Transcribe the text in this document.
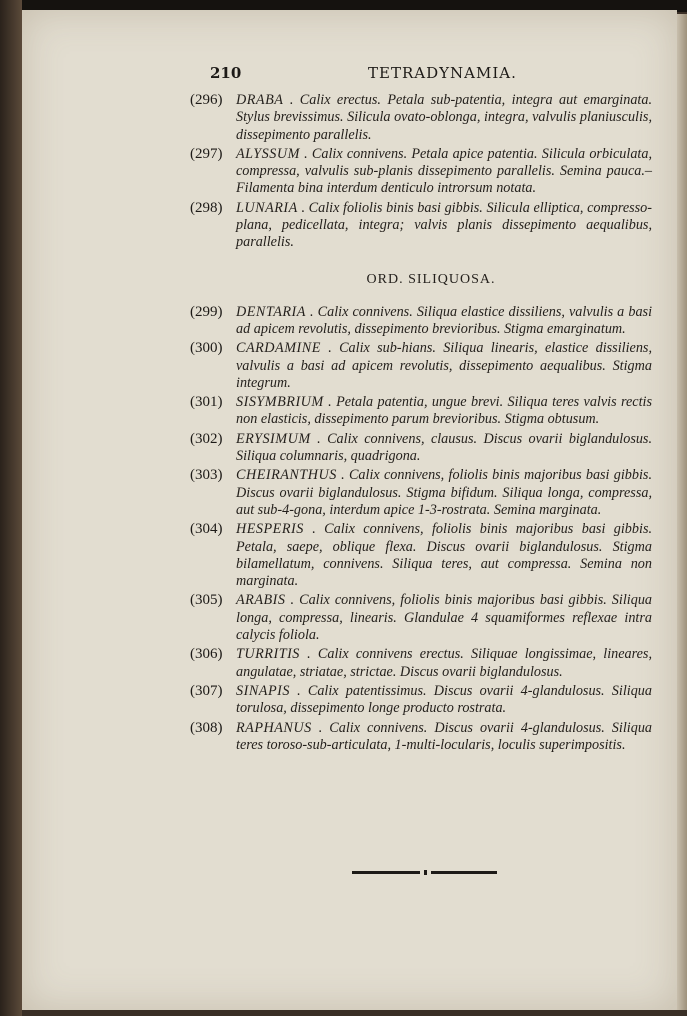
210	TETRADYNAMIA.
(296) DRABA . Calix erectus. Petala sub-patentia, integra aut emarginata. Stylus brevissimus. Silicula ovato-oblonga, integra, valvulis planiusculis, dissepimento parallelis.
(297) ALYSSUM . Calix connivens. Petala apice patentia. Silicula orbiculata, compressa, valvulis sub-planis dissepimento parallelis. Semina pauca.–Filamenta bina interdum denticulo introrsum notata.
(298) LUNARIA . Calix foliolis binis basi gibbis. Silicula elliptica, compresso-plana, pedicellata, integra; valvis planis dissepimento aequalibus, parallelis.
ORD. SILIQUOSA.
(299) DENTARIA . Calix connivens. Siliqua elastice dissiliens, valvulis a basi ad apicem revolutis, dissepimento brevioribus. Stigma emarginatum.
(300) CARDAMINE . Calix sub-hians. Siliqua linearis, elastice dissiliens, valvulis a basi ad apicem revolutis, dissepimento aequalibus. Stigma integrum.
(301) SISYMBRIUM . Petala patentia, ungue brevi. Siliqua teres valvis rectis non elasticis, dissepimento parum brevioribus. Stigma obtusum.
(302) ERYSIMUM . Calix connivens, clausus. Discus ovarii biglandulosus. Siliqua columnaris, quadrigona.
(303) CHEIRANTHUS . Calix connivens, foliolis binis majoribus basi gibbis. Discus ovarii biglandulosus. Stigma bifidum. Siliqua longa, compressa, aut sub-4-gona, interdum apice 1-3-rostrata. Semina marginata.
(304) HESPERIS . Calix connivens, foliolis binis majoribus basi gibbis. Petala, saepe, oblique flexa. Discus ovarii biglandulosus. Stigma bilamellatum, connivens. Siliqua teres, aut compressa. Semina non marginata.
(305) ARABIS . Calix connivens, foliolis binis majoribus basi gibbis. Siliqua longa, compressa, linearis. Glandulae 4 squamiformes reflexae intra calycis foliola.
(306) TURRITIS . Calix connivens erectus. Siliquae longissimae, lineares, angulatae, striatae, strictae. Discus ovarii biglandulosus.
(307) SINAPIS . Calix patentissimus. Discus ovarii 4-glandulosus. Siliqua torulosa, dissepimento longe producto rostrata.
(308) RAPHANUS . Calix connivens. Discus ovarii 4-glandulosus. Siliqua teres toroso-sub-articulata, 1-multi-locularis, loculis superimpositis.
